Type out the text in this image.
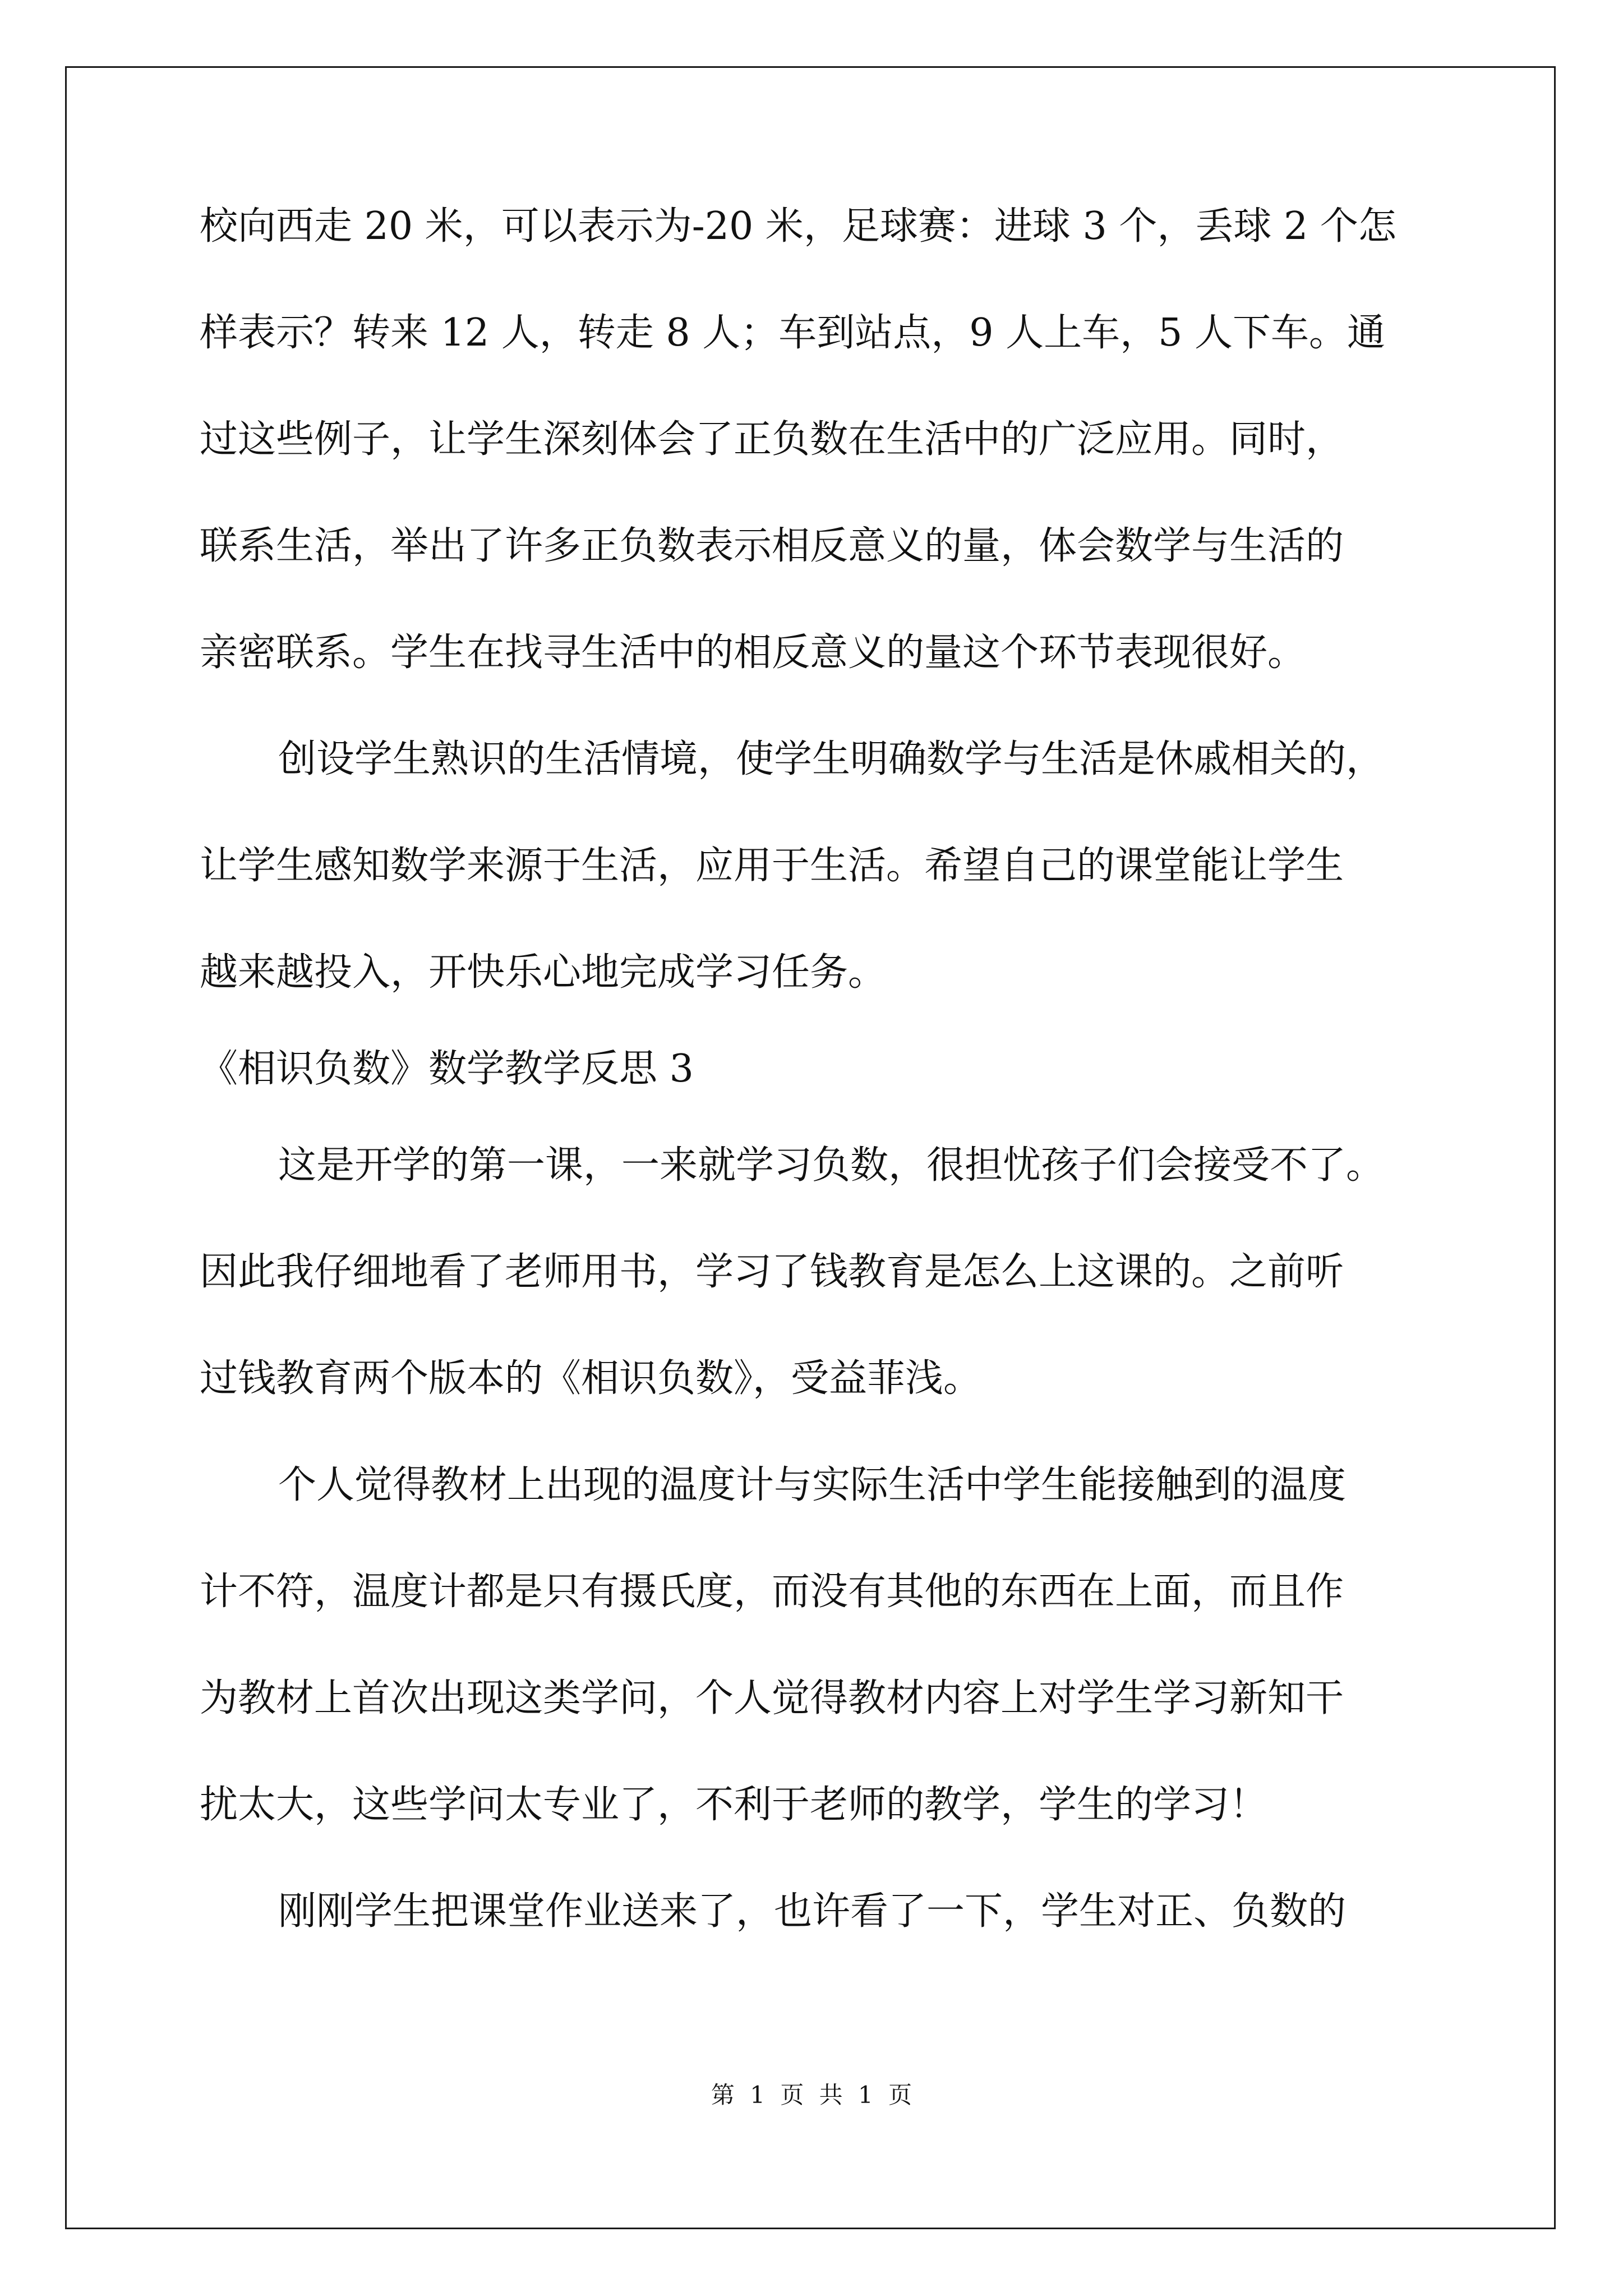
校向西走 20 米，可以表示为-20 米，足球赛：进球 3 个，丢球 2 个怎
样表示？转来 12 人，转走 8 人；车到站点，9 人上车，5 人下车。通
过这些例子，让学生深刻体会了正负数在生活中的广泛应用。同时，
联系生活，举出了许多正负数表示相反意义的量，体会数学与生活的
亲密联系。学生在找寻生活中的相反意义的量这个环节表现很好。
创设学生熟识的生活情境，使学生明确数学与生活是休戚相关的，
让学生感知数学来源于生活，应用于生活。希望自己的课堂能让学生
越来越投入，开快乐心地完成学习任务。
《相识负数》数学教学反思 3
这是开学的第一课，一来就学习负数，很担忧孩子们会接受不了。
因此我仔细地看了老师用书，学习了钱教育是怎么上这课的。之前听
过钱教育两个版本的《相识负数》，受益菲浅。
个人觉得教材上出现的温度计与实际生活中学生能接触到的温度
计不符，温度计都是只有摄氏度，而没有其他的东西在上面，而且作
为教材上首次出现这类学问，个人觉得教材内容上对学生学习新知干
扰太大，这些学问太专业了，不利于老师的教学，学生的学习！
刚刚学生把课堂作业送来了，也许看了一下，学生对正、负数的
第 1 页 共 1 页
